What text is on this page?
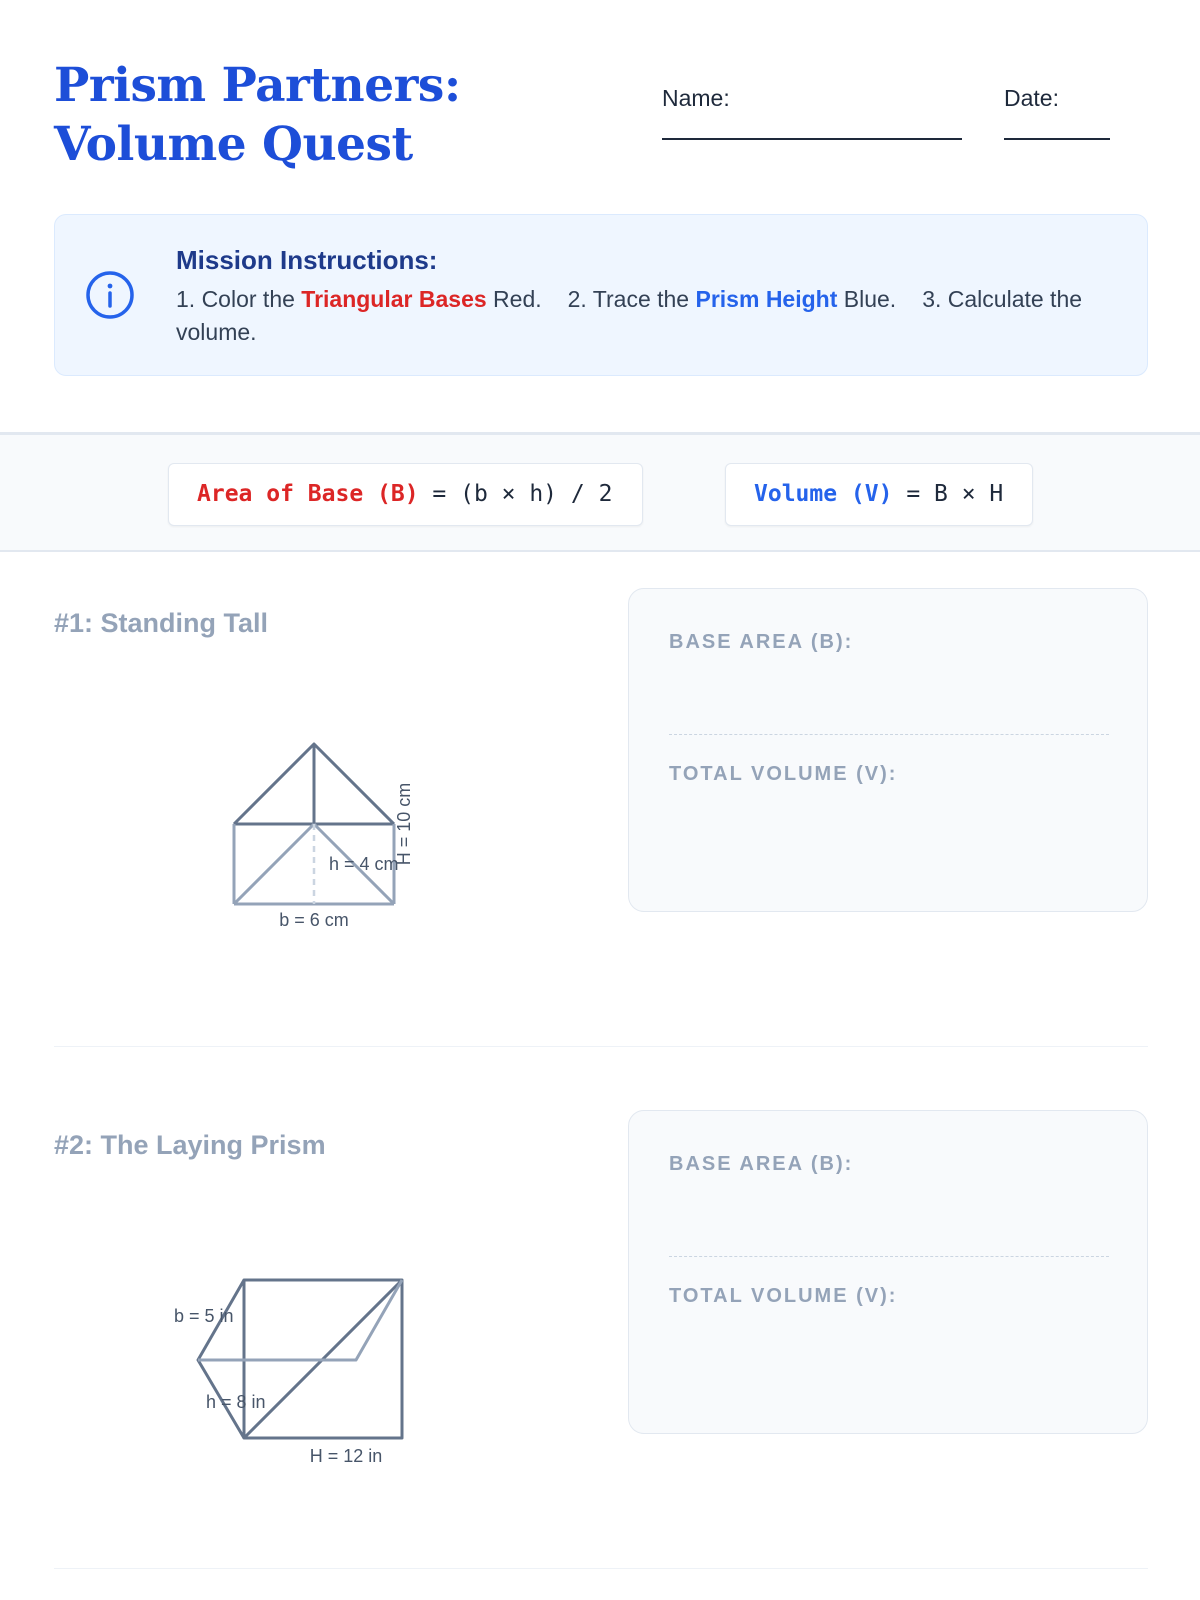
Prism Partners: Volume Quest
Name:	Date:
Mission Instructions:
1. Color the Triangular Bases Red. 2. Trace the Prism Height Blue. 3. Calculate the volume.
Area of Base (B) = (b × h) / 2	Volume (V) = B × H
#1: Standing Tall
h = 4 cm
b = 6 cm
H = 10 cm
BASE AREA (B):
TOTAL VOLUME (V):
#2: The Laying Prism
b = 5 in
h = 8 in
H = 12 in
BASE AREA (B):
TOTAL VOLUME (V):
